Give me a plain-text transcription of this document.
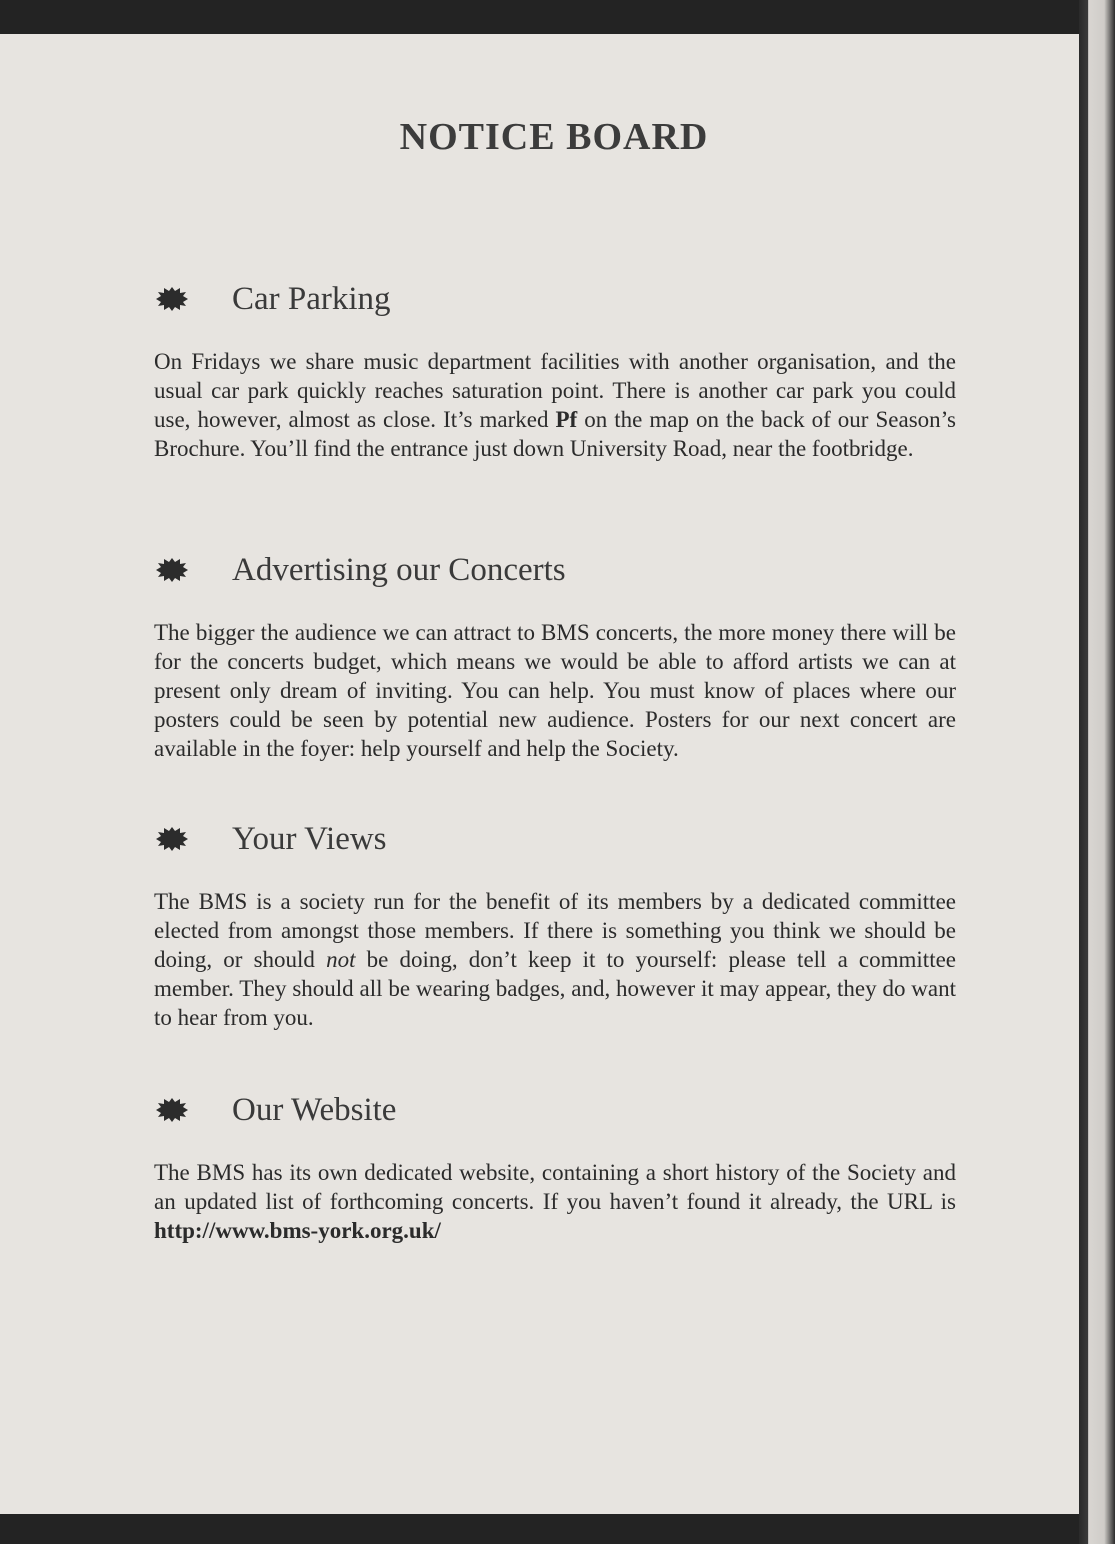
NOTICE BOARD
Car Parking
On Fridays we share music department facilities with another organisation, and the usual car park quickly reaches saturation point. There is another car park you could use, however, almost as close. It’s marked Pf on the map on the back of our Season’s Brochure. You’ll find the entrance just down University Road, near the footbridge.
Advertising our Concerts
The bigger the audience we can attract to BMS concerts, the more money there will be for the concerts budget, which means we would be able to afford artists we can at present only dream of inviting. You can help. You must know of places where our posters could be seen by potential new audience. Posters for our next concert are available in the foyer: help yourself and help the Society.
Your Views
The BMS is a society run for the benefit of its members by a dedicated committee elected from amongst those members. If there is something you think we should be doing, or should not be doing, don’t keep it to yourself: please tell a committee member. They should all be wearing badges, and, however it may appear, they do want to hear from you.
Our Website
The BMS has its own dedicated website, containing a short history of the Society and an updated list of forthcoming concerts. If you haven’t found it already, the URL is http://www.bms-york.org.uk/
